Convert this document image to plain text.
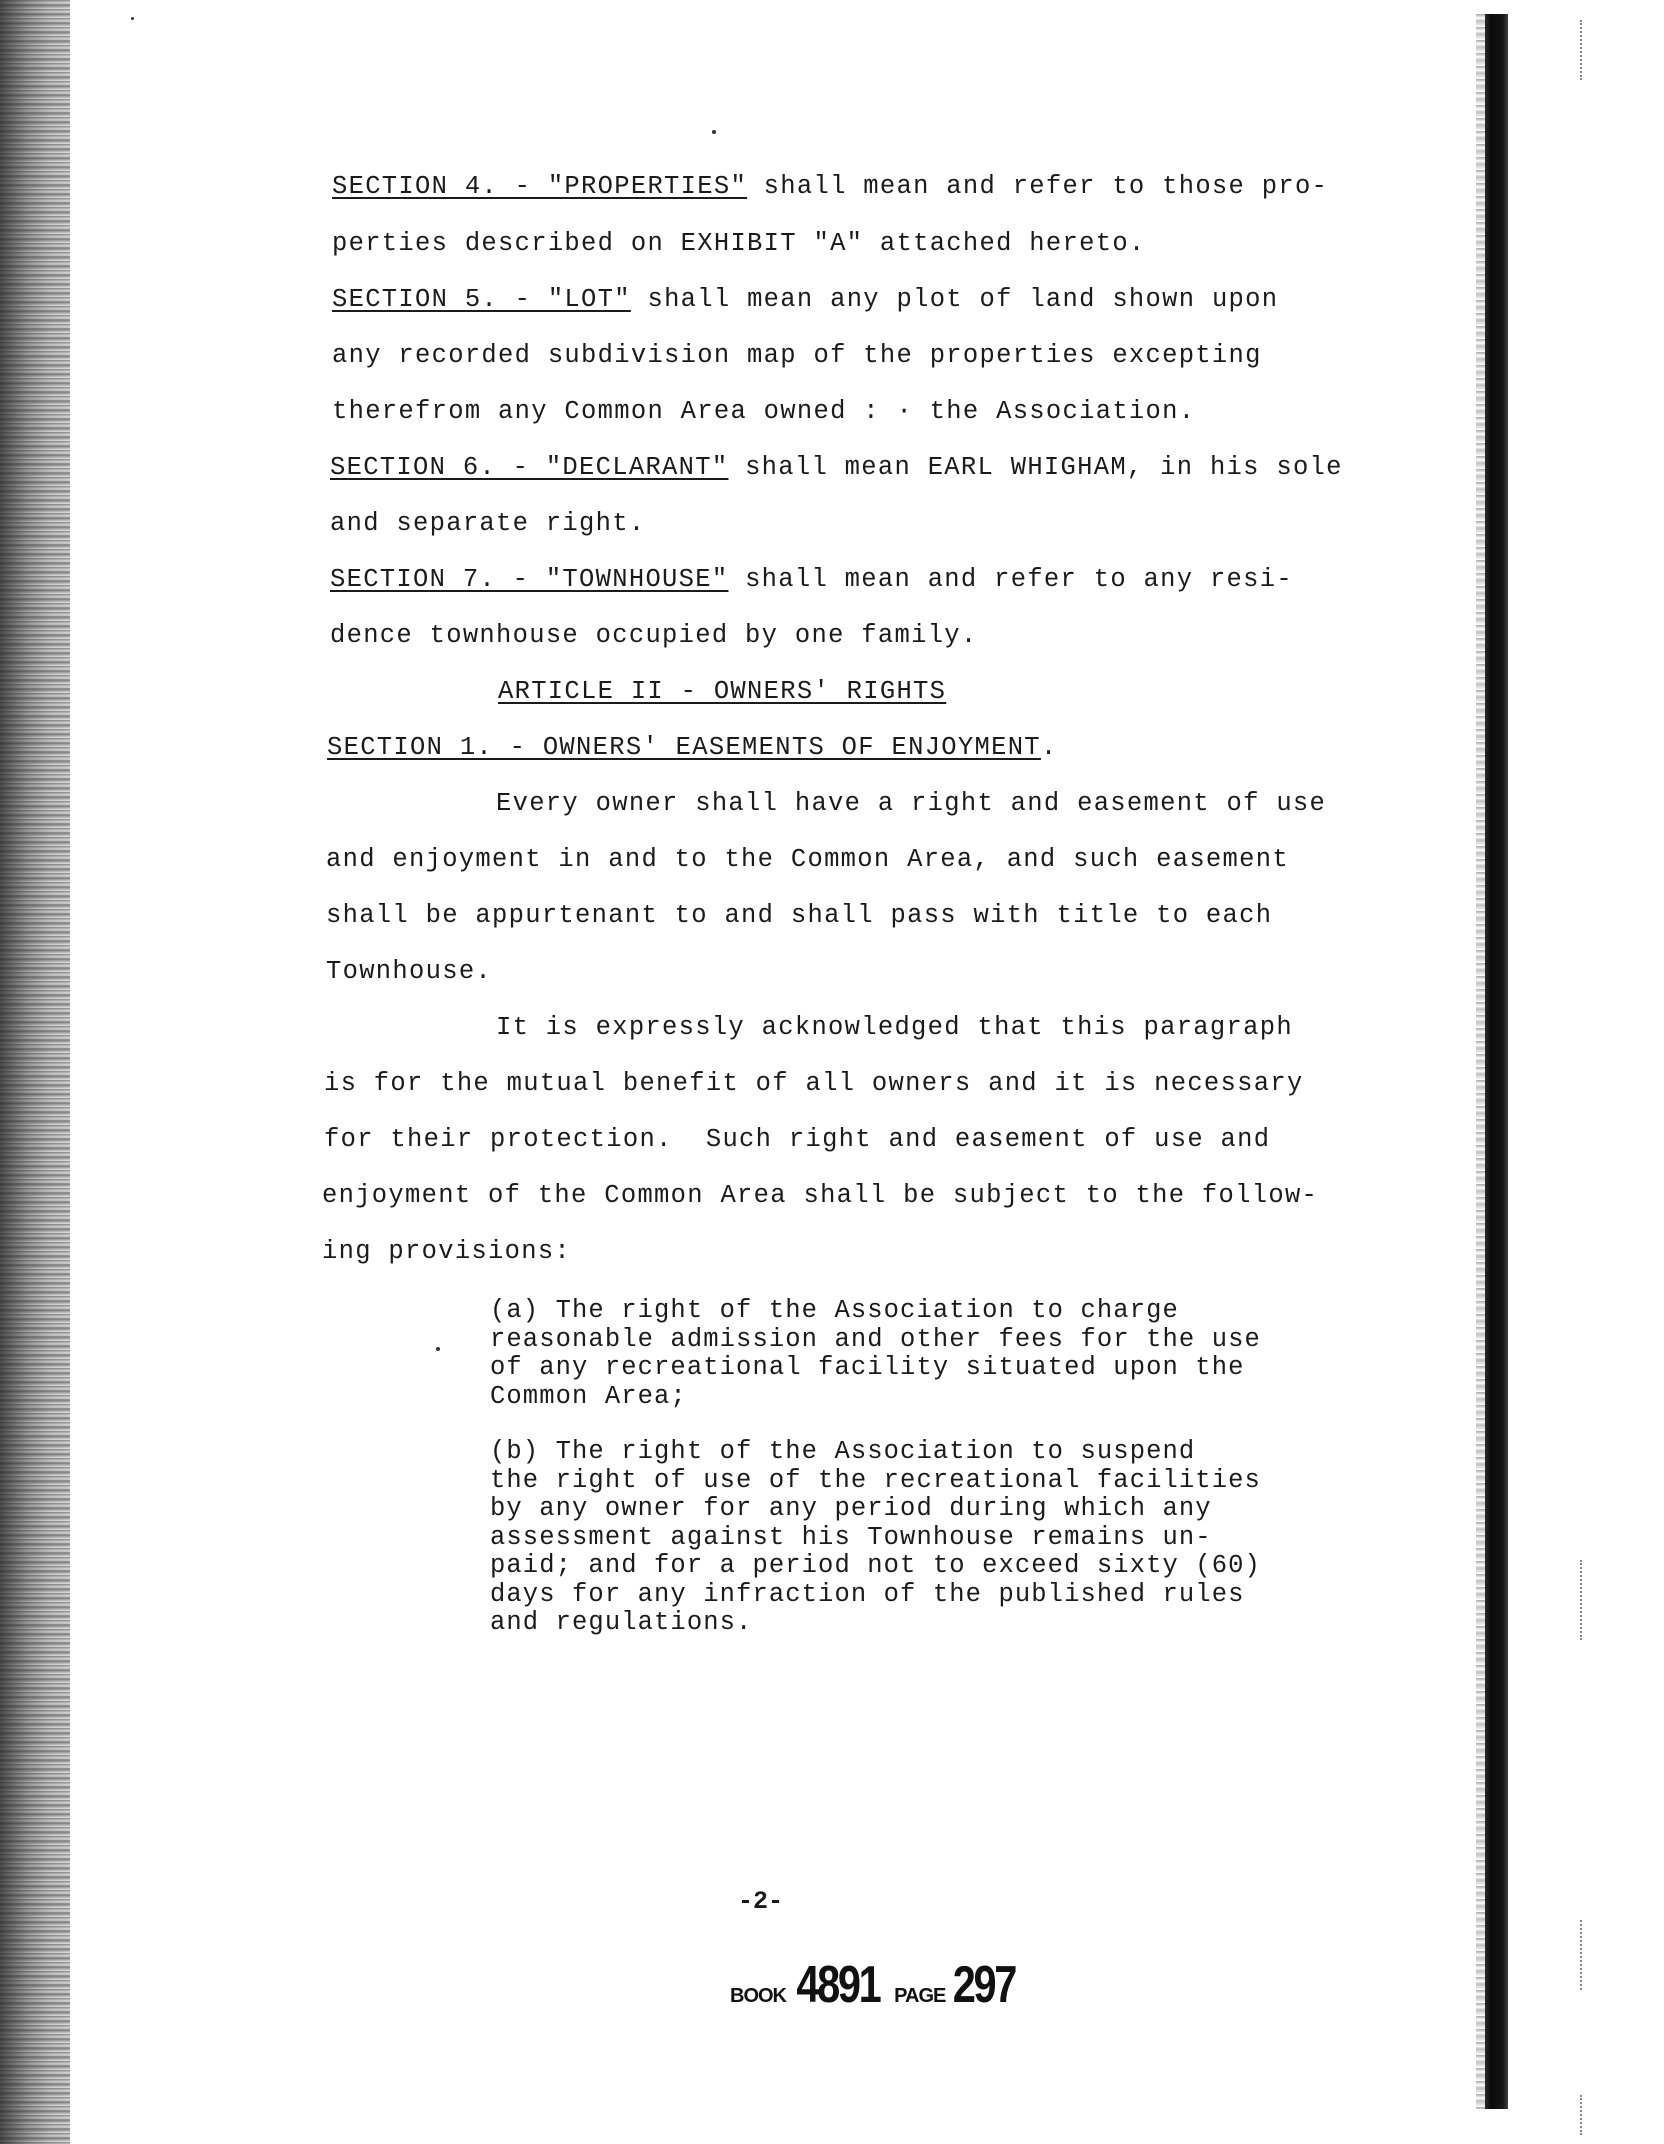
SECTION 4. - "PROPERTIES" shall mean and refer to those pro-
perties described on EXHIBIT "A" attached hereto.
SECTION 5. - "LOT" shall mean any plot of land shown upon
any recorded subdivision map of the properties excepting
therefrom any Common Area owned : · the Association.
SECTION 6. - "DECLARANT" shall mean EARL WHIGHAM, in his sole
and separate right.
SECTION 7. - "TOWNHOUSE" shall mean and refer to any resi-
dence townhouse occupied by one family.
ARTICLE II - OWNERS' RIGHTS
SECTION 1. - OWNERS' EASEMENTS OF ENJOYMENT.
Every owner shall have a right and easement of use
and enjoyment in and to the Common Area, and such easement
shall be appurtenant to and shall pass with title to each
Townhouse.
It is expressly acknowledged that this paragraph
is for the mutual benefit of all owners and it is necessary
for their protection.  Such right and easement of use and
enjoyment of the Common Area shall be subject to the follow-
ing provisions:
(a) The right of the Association to charge
reasonable admission and other fees for the use
of any recreational facility situated upon the
Common Area;
(b) The right of the Association to suspend
the right of use of the recreational facilities
by any owner for any period during which any
assessment against his Townhouse remains un-
paid; and for a period not to exceed sixty (60)
days for any infraction of the published rules
and regulations.
-2-
BOOK 4891 PAGE 297
